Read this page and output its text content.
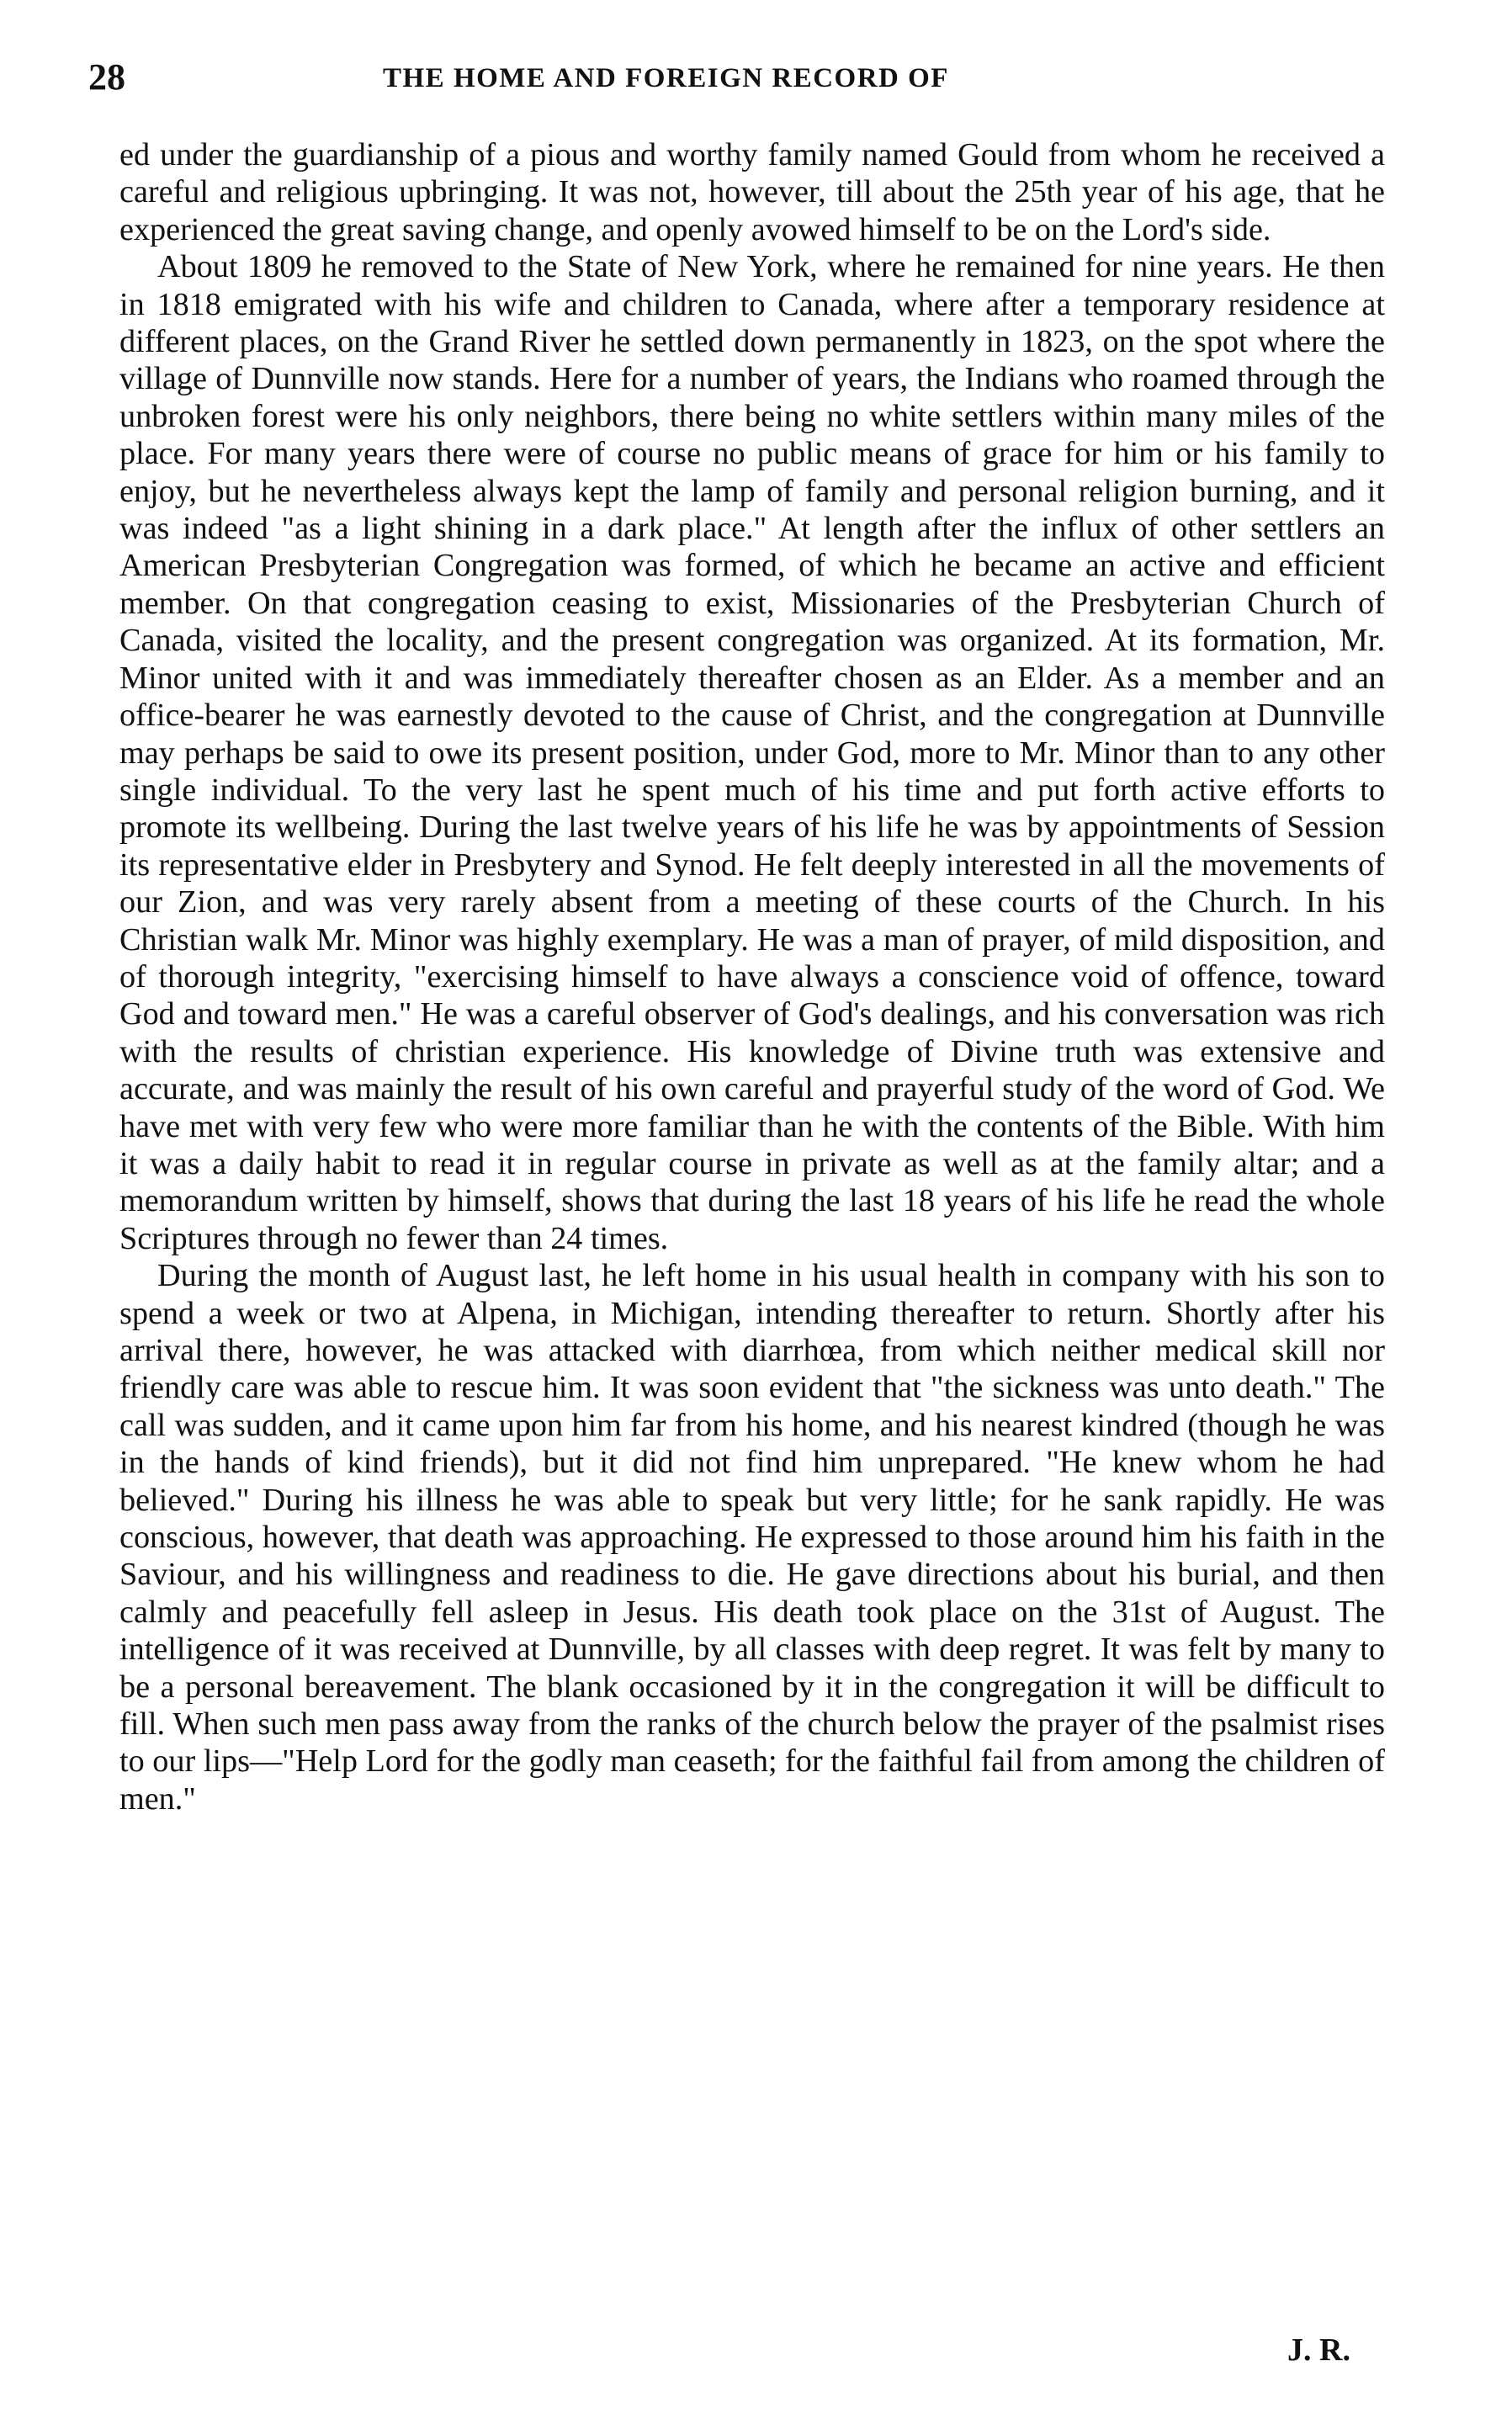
28	THE HOME AND FOREIGN RECORD OF

ed under the guardianship of a pious and worthy family named Gould from whom he received a careful and religious upbringing. It was not, however, till about the 25th year of his age, that he experienced the great saving change, and openly avowed himself to be on the Lord's side.

About 1809 he removed to the State of New York, where he remained for nine years. He then in 1818 emigrated with his wife and children to Canada, where after a temporary residence at different places, on the Grand River he settled down permanently in 1823, on the spot where the village of Dunnville now stands. Here for a number of years, the Indians who roamed through the unbroken forest were his only neighbors, there being no white settlers within many miles of the place. For many years there were of course no public means of grace for him or his family to enjoy, but he nevertheless always kept the lamp of family and personal religion burning, and it was indeed "as a light shining in a dark place." At length after the influx of other settlers an American Presbyterian Congregation was formed, of which he became an active and efficient member. On that congregation ceasing to exist, Missionaries of the Presbyterian Church of Canada, visited the locality, and the present congregation was organized. At its formation, Mr. Minor united with it and was immediately thereafter chosen as an Elder. As a member and an office-bearer he was earnestly devoted to the cause of Christ, and the congregation at Dunnville may perhaps be said to owe its present position, under God, more to Mr. Minor than to any other single individual. To the very last he spent much of his time and put forth active efforts to promote its wellbeing. During the last twelve years of his life he was by appointments of Session its representative elder in Presbytery and Synod. He felt deeply interested in all the movements of our Zion, and was very rarely absent from a meeting of these courts of the Church. In his Christian walk Mr. Minor was highly exemplary. He was a man of prayer, of mild disposition, and of thorough integrity, "exercising himself to have always a conscience void of offence, toward God and toward men." He was a careful observer of God's dealings, and his conversation was rich with the results of christian experience. His knowledge of Divine truth was extensive and accurate, and was mainly the result of his own careful and prayerful study of the word of God. We have met with very few who were more familiar than he with the contents of the Bible. With him it was a daily habit to read it in regular course in private as well as at the family altar; and a memorandum written by himself, shows that during the last 18 years of his life he read the whole Scriptures through no fewer than 24 times.

During the month of August last, he left home in his usual health in company with his son to spend a week or two at Alpena, in Michigan, intending thereafter to return. Shortly after his arrival there, however, he was attacked with diarrhœa, from which neither medical skill nor friendly care was able to rescue him. It was soon evident that "the sickness was unto death." The call was sudden, and it came upon him far from his home, and his nearest kindred (though he was in the hands of kind friends), but it did not find him unprepared. "He knew whom he had believed." During his illness he was able to speak but very little; for he sank rapidly. He was conscious, however, that death was approaching. He expressed to those around him his faith in the Saviour, and his willingness and readiness to die. He gave directions about his burial, and then calmly and peacefully fell asleep in Jesus. His death took place on the 31st of August. The intelligence of it was received at Dunnville, by all classes with deep regret. It was felt by many to be a personal bereavement. The blank occasioned by it in the congregation it will be difficult to fill. When such men pass away from the ranks of the church below the prayer of the psalmist rises to our lips—"Help Lord for the godly man ceaseth; for the faithful fail from among the children of men."

J. R.
